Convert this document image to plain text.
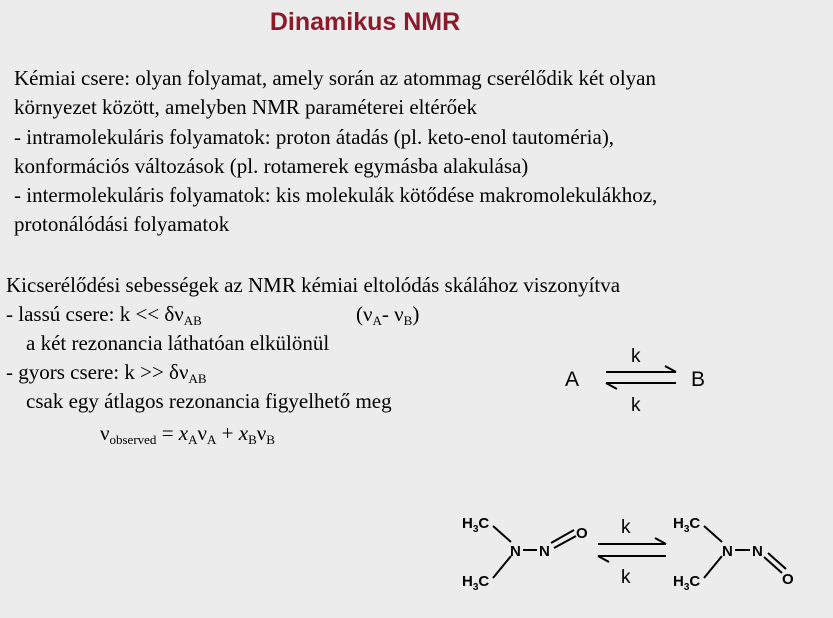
Dinamikus NMR
Kémiai csere: olyan folyamat, amely során az atommag cserélődik két olyan
környezet között, amelyben NMR paraméterei eltérőek
- intramolekuláris folyamatok: proton átadás (pl. keto-enol tautoméria),
konformációs változások (pl. rotamerek egymásba alakulása)
- intermolekuláris folyamatok: kis molekulák kötődése makromolekulákhoz,
protonálódási folyamatok
Kicserélődési sebességek az NMR kémiai eltolódás skálához viszonyítva
- lassú csere: $k << \delta\nu_{AB}$	($\nu_A-$ $\nu_B$)
a két rezonancia láthatóan elkülönül
- gyors csere: $k >> \delta\nu_{AB}$
csak egy átlagos rezonancia figyelhető meg
$\nu_{observed} = x_A\nu_A + x_B\nu_B$
A	B
k
k
$H_3C$
$H_3C$
N N
O k
k
$H_3C$
$H_3C$
N N
O
